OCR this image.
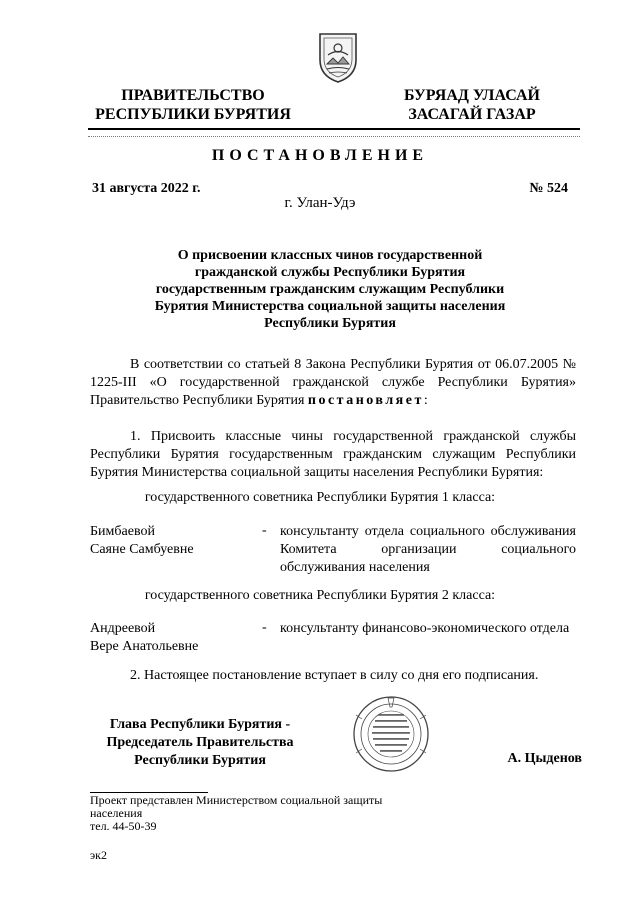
ПРАВИТЕЛЬСТВО
РЕСПУБЛИКИ БУРЯТИЯ
БУРЯАД УЛАСАЙ
ЗАСАГАЙ ГАЗАР
ПОСТАНОВЛЕНИЕ
31 августа 2022 г.	№ 524
г. Улан-Удэ
О присвоении классных чинов государственной гражданской службы Республики Бурятия государственным гражданским служащим Республики Бурятия Министерства социальной защиты населения Республики Бурятия
В соответствии со статьей 8 Закона Республики Бурятия от 06.07.2005 № 1225-III «О государственной гражданской службе Республики Бурятия» Правительство Республики Бурятия постановляет:
1. Присвоить классные чины государственной гражданской службы Республики Бурятия государственным гражданским служащим Республики Бурятия Министерства социальной защиты населения Республики Бурятия:
государственного советника Республики Бурятия 1 класса:
Бимбаевой
Саяне Самбуевне
- консультанту отдела социального обслуживания Комитета организации социального обслуживания населения
государственного советника Республики Бурятия 2 класса:
Андреевой
Вере Анатольевне
- консультанту финансово-экономического отдела
2. Настоящее постановление вступает в силу со дня его подписания.
Глава Республики Бурятия -
Председатель Правительства
Республики Бурятия	А. Цыденов
Проект представлен Министерством социальной защиты
населения
тел. 44-50-39
эк2
